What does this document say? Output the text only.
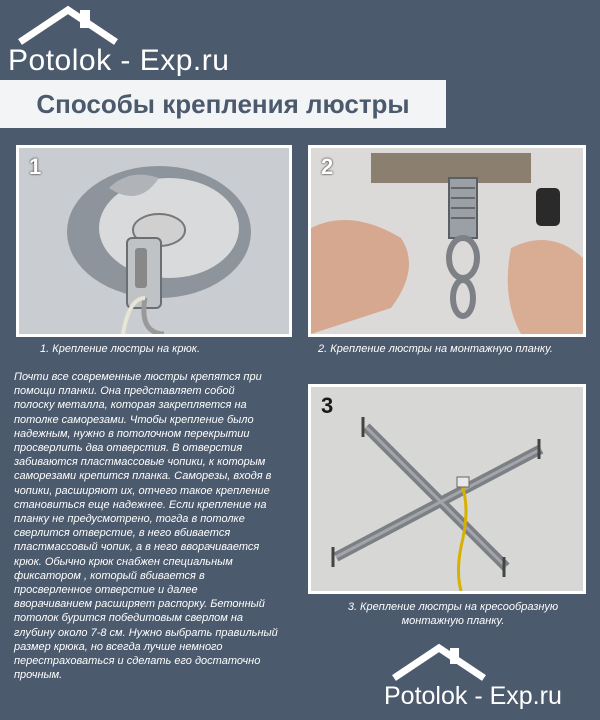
Potolok - Exp.ru
Способы крепления люстры
1
1. Крепление люстры на крюк.
2
2. Крепление люстры на монтажную планку.
Почти все современные люстры крепятся при
помощи планки. Она представляет собой
полоску металла, которая закрепляется на
потолке саморезами. Чтобы крепление было
надежным, нужно в потолочном перекрытии
просверлить два отверстия. В отверстия
забиваются пластмассовые чопики, к которым
саморезами крепится планка. Саморезы, входя в
чопики, расширяют их, отчего такое крепление
становиться еще надежнее. Если крепление на
планку не предусмотрено, тогда в потолке
сверлится отверстие, в него вбивается
пластмассовый чопик, а в него вворачивается
крюк. Обычно крюк снабжен специальным
фиксатором , который вбивается в
просверленное отверстие и далее
вворачиванием расширяет распорку. Бетонный
потолок бурится победитовым сверлом на
глубину около 7-8 см. Нужно выбрать правильный
размер крюка, но всегда лучше немного
перестраховаться и сделать его достаточно
прочным.
3
3. Крепление люстры на кресообразную
монтажную планку.
Potolok - Exp.ru
